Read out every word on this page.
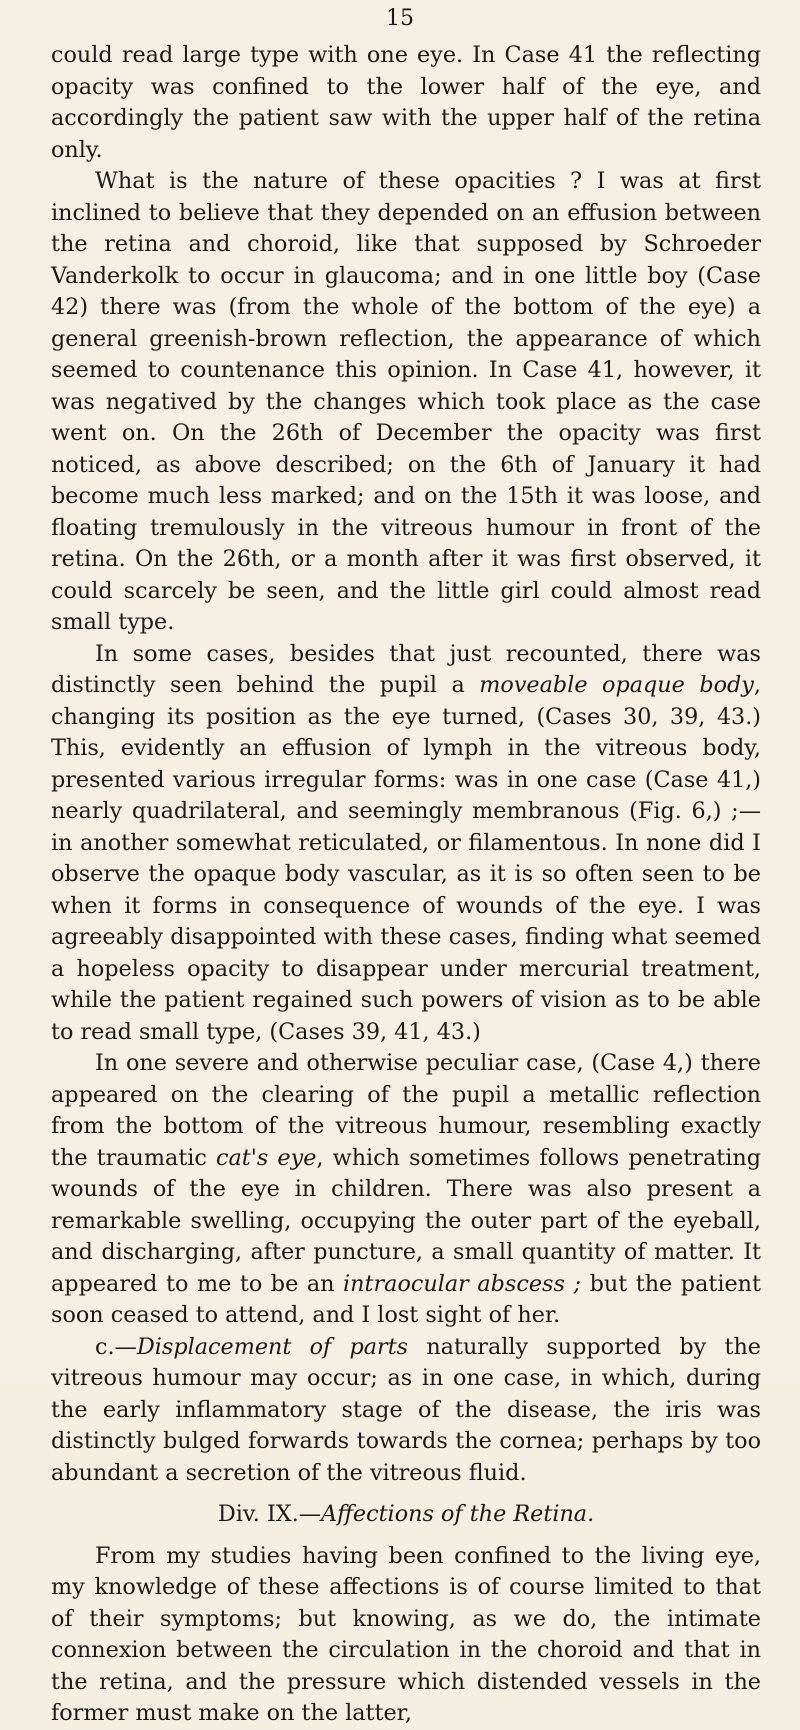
15

could read large type with one eye. In Case 41 the reflecting opacity was confined to the lower half of the eye, and accordingly the patient saw with the upper half of the retina only.

What is the nature of these opacities ? I was at first inclined to believe that they depended on an effusion between the retina and choroid, like that supposed by Schroeder Vanderkolk to occur in glaucoma; and in one little boy (Case 42) there was (from the whole of the bottom of the eye) a general greenish-brown reflection, the appearance of which seemed to countenance this opinion. In Case 41, however, it was negatived by the changes which took place as the case went on. On the 26th of December the opacity was first noticed, as above described; on the 6th of January it had become much less marked; and on the 15th it was loose, and floating tremulously in the vitreous humour in front of the retina. On the 26th, or a month after it was first observed, it could scarcely be seen, and the little girl could almost read small type.

In some cases, besides that just recounted, there was distinctly seen behind the pupil a moveable opaque body, changing its position as the eye turned, (Cases 30, 39, 43.) This, evidently an effusion of lymph in the vitreous body, presented various irregular forms: was in one case (Case 41,) nearly quadrilateral, and seemingly membranous (Fig. 6,) ;—in another somewhat reticulated, or filamentous. In none did I observe the opaque body vascular, as it is so often seen to be when it forms in consequence of wounds of the eye. I was agreeably disappointed with these cases, finding what seemed a hopeless opacity to disappear under mercurial treatment, while the patient regained such powers of vision as to be able to read small type, (Cases 39, 41, 43.)

In one severe and otherwise peculiar case, (Case 4,) there appeared on the clearing of the pupil a metallic reflection from the bottom of the vitreous humour, resembling exactly the traumatic cat's eye, which sometimes follows penetrating wounds of the eye in children. There was also present a remarkable swelling, occupying the outer part of the eyeball, and discharging, after puncture, a small quantity of matter. It appeared to me to be an intraocular abscess ; but the patient soon ceased to attend, and I lost sight of her.

c.—Displacement of parts naturally supported by the vitreous humour may occur; as in one case, in which, during the early inflammatory stage of the disease, the iris was distinctly bulged forwards towards the cornea; perhaps by too abundant a secretion of the vitreous fluid.

Div. IX.—Affections of the Retina.

From my studies having been confined to the living eye, my knowledge of these affections is of course limited to that of their symptoms; but knowing, as we do, the intimate connexion between the circulation in the choroid and that in the retina, and the pressure which distended vessels in the former must make on the latter,
